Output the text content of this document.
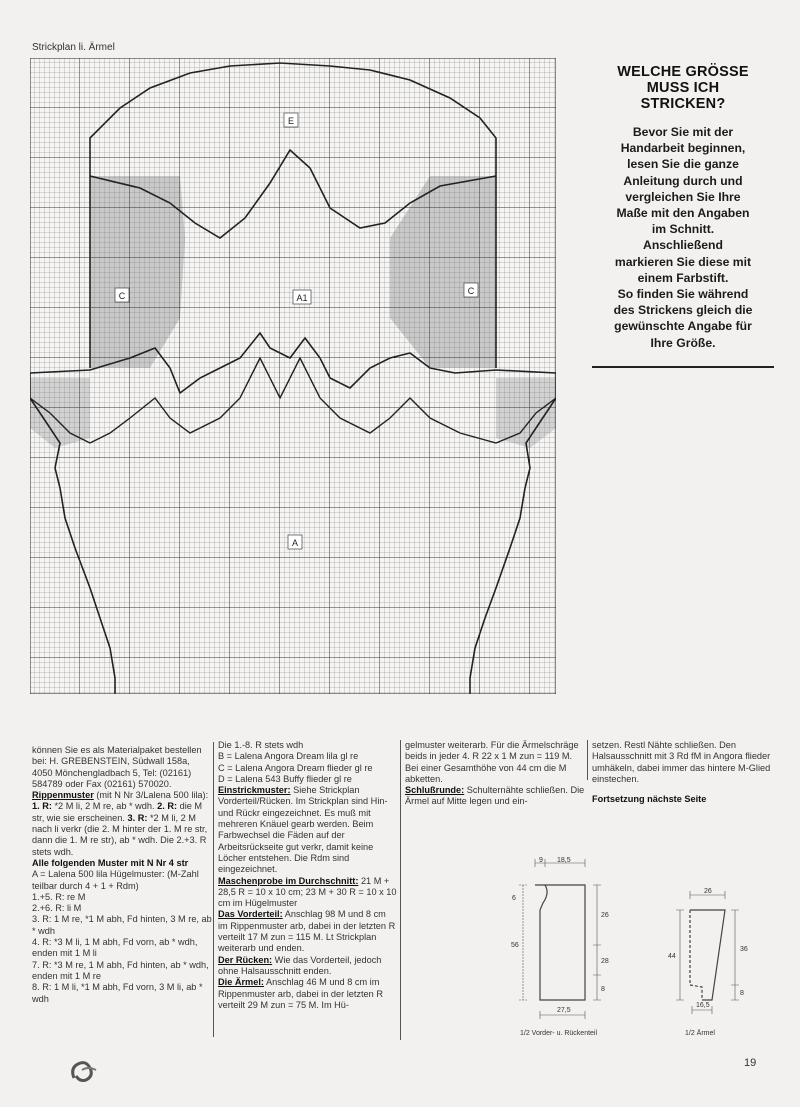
Strickplan li. Ärmel
E
C	C
A1
A
WELCHE GRÖSSE
MUSS ICH
STRICKEN?
Bevor Sie mit der
Handarbeit beginnen,
lesen Sie die ganze
Anleitung durch und
vergleichen Sie Ihre
Maße mit den Angaben
im Schnitt.
Anschließend
markieren Sie diese mit
einem Farbstift.
So finden Sie während
des Strickens gleich die
gewünschte Angabe für
Ihre Größe.

können Sie es als Materialpaket bestellen bei: H. GREBENSTEIN, Südwall 158a, 4050 Mönchengladbach 5, Tel: (02161) 584789 oder Fax (02161) 570020.

Rippenmuster (mit N Nr 3/Lalena 500 lila): 1. R: *2 M li, 2 M re, ab * wdh. 2. R: die M str, wie sie erscheinen. 3. R: *2 M li, 2 M nach li verkr (die 2. M hinter der 1. M re str, dann die 1. M re str), ab * wdh. Die 2.+3. R stets wdh.

Alle folgenden Muster mit N Nr 4 str

A = Lalena 500 lila Hügelmuster: (M-Zahl teilbar durch 4 + 1 + Rdm)

1.+5. R: re M

2.+6. R: li M

3. R: 1 M re, *1 M abh, Fd hinten, 3 M re, ab * wdh

4. R: *3 M li, 1 M abh, Fd vorn, ab * wdh, enden mit 1 M li

7. R: *3 M re, 1 M abh, Fd hinten, ab * wdh, enden mit 1 M re

8. R: 1 M li, *1 M abh, Fd vorn, 3 M li, ab * wdh

Die 1.-8. R stets wdh

B = Lalena Angora Dream lila gl re

C = Lalena Angora Dream flieder gl re

D = Lalena 543 Buffy flieder gl re

Einstrickmuster: Siehe Strickplan Vorderteil/Rücken. Im Strickplan sind Hin- und Rückr eingezeichnet. Es muß mit mehreren Knäuel gearb werden. Beim Farbwechsel die Fäden auf der Arbeitsrückseite gut verkr, damit keine Löcher entstehen. Die Rdm sind eingezeichnet.

Maschenprobe im Durchschnitt: 21 M + 28,5 R = 10 x 10 cm; 23 M + 30 R = 10 x 10 cm im Hügelmuster

Das Vorderteil: Anschlag 98 M und 8 cm im Rippenmuster arb, dabei in der letzten R verteilt 17 M zun = 115 M. Lt Strickplan weiterarb und enden.

Der Rücken: Wie das Vorderteil, jedoch ohne Halsausschnitt enden.

Die Ärmel: Anschlag 46 M und 8 cm im Rippenmuster arb, dabei in der letzten R verteilt 29 M zun = 75 M. Im Hü-

gelmuster weiterarb. Für die Ärmelschräge beids in jeder 4. R 22 x 1 M zun = 119 M. Bei einer Gesamthöhe von 44 cm die M abketten.

Schlußrunde: Schulternähte schließen. Die Ärmel auf Mitte legen und ein-

setzen. Restl Nähte schließen. Den Halsausschnitt mit 3 Rd fM in Angora flieder umhäkeln, dabei immer das hintere M-Glied einstechen.

Fortsetzung nächste Seite

9 18,5
6
56
26
28
8
27,5
1/2 Vorder- u. Rückenteil
26
44
36
8
16,5
1/2 Ärmel
19
